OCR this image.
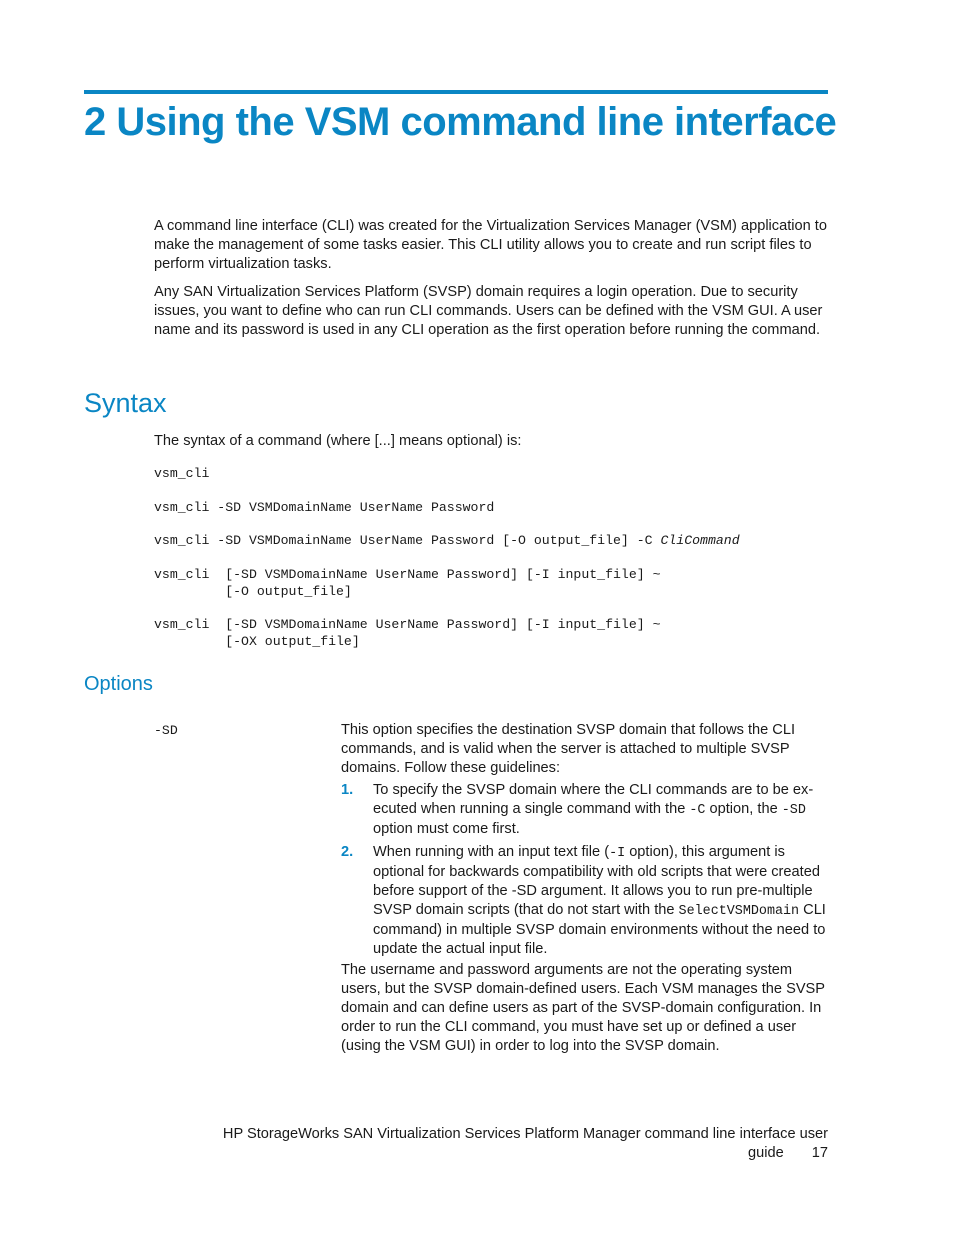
2 Using the VSM command line interface

A command line interface (CLI) was created for the Virtualization Services Manager (VSM) application to make the management of some tasks easier. This CLI utility allows you to create and run script files to perform virtualization tasks.

Any SAN Virtualization Services Platform (SVSP) domain requires a login operation. Due to security issues, you want to define who can run CLI commands. Users can be defined with the VSM GUI. A user name and its password is used in any CLI operation as the first operation before running the command.

Syntax

The syntax of a command (where [...] means optional) is:

vsm_cli
vsm_cli -SD VSMDomainName UserName Password
vsm_cli -SD VSMDomainName UserName Password [-O output_file] -C CliCommand
vsm_cli  [-SD VSMDomainName UserName Password] [-I input_file] ~
[-O output_file]
vsm_cli  [-SD VSMDomainName UserName Password] [-I input_file] ~
[-OX output_file]
Options
-SD	This option specifies the destination SVSP domain that follows the CLI commands, and is valid when the server is attached to multiple SVSP domains. Follow these guidelines:

1. To specify the SVSP domain where the CLI commands are to be ex- ecuted when running a single command with the -C option, the -SD option must come first.
2. When running with an input text file (-I option), this argument is optional for backwards compatibility with old scripts that were created before support of the -SD argument. It allows you to run pre-multiple SVSP domain scripts (that do not start with the SelectVSMDomain CLI command) in multiple SVSP domain environments without the need to update the actual input file.

The username and password arguments are not the operating system users, but the SVSP domain-defined users. Each VSM manages the SVSP domain and can define users as part of the SVSP-domain configuration. In order to run the CLI command, you must have set up or defined a user (using the VSM GUI) in order to log into the SVSP domain.

HP StorageWorks SAN Virtualization Services Platform Manager command line interface user guide 17
